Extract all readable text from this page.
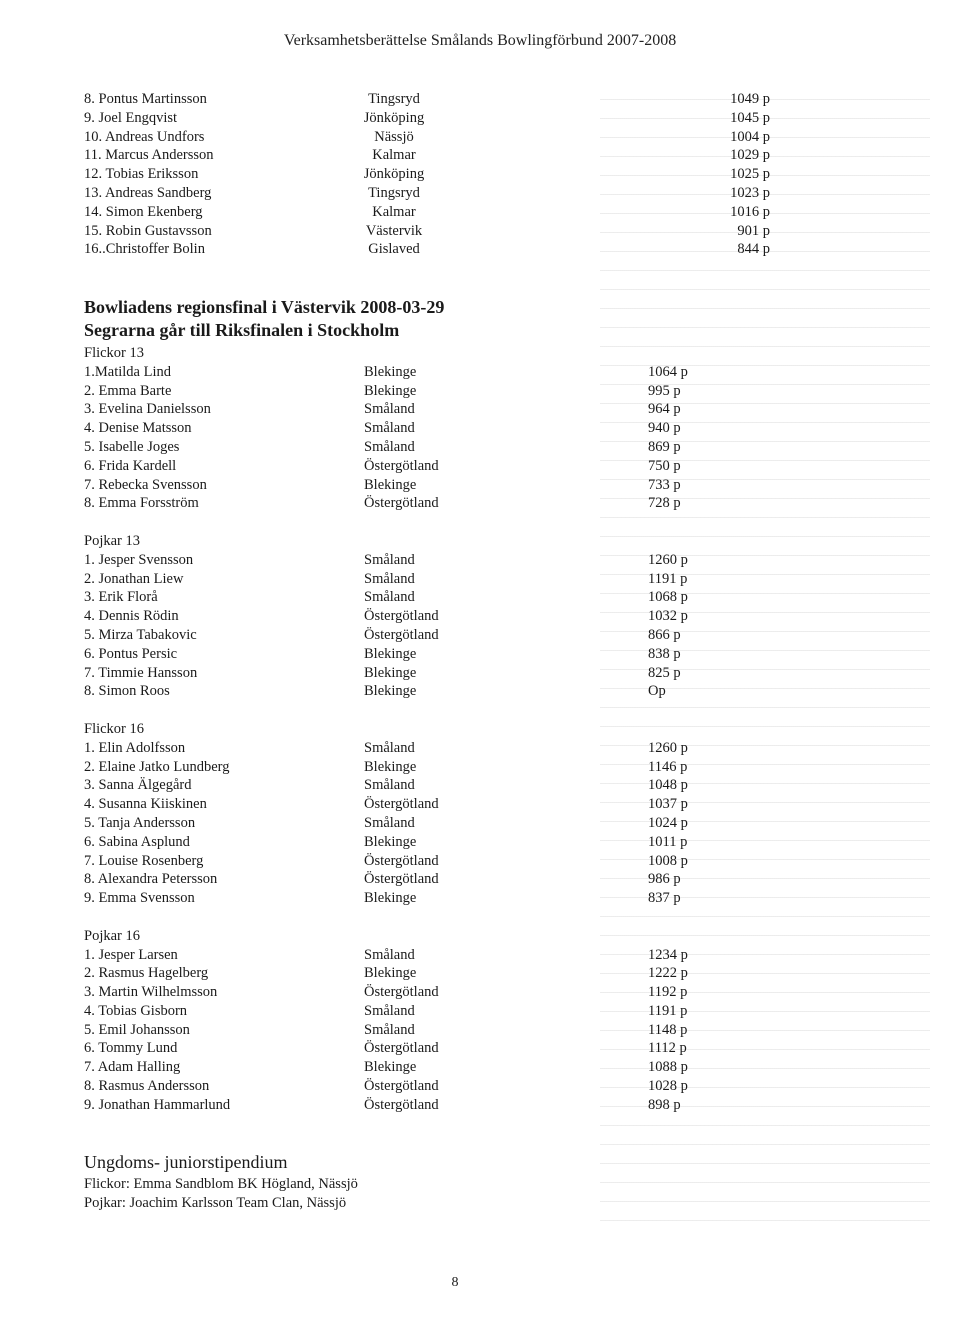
Verksamhetsberättelse Smålands Bowlingförbund 2007-2008
8. Pontus Martinsson	Tingsryd	1049 p
9. Joel Engqvist	Jönköping	1045 p
10. Andreas Undfors	Nässjö	1004 p
11. Marcus Andersson	Kalmar	1029 p
12. Tobias Eriksson	Jönköping	1025 p
13. Andreas Sandberg	Tingsryd	1023 p
14. Simon Ekenberg	Kalmar	1016 p
15. Robin Gustavsson	Västervik	901 p
16..Christoffer Bolin	Gislaved	844 p
Bowliadens regionsfinal i Västervik 2008-03-29
Segrarna går till Riksfinalen i Stockholm
Flickor 13
1.Matilda Lind	Blekinge	1064 p
2. Emma Barte	Blekinge	995 p
3. Evelina Danielsson	Småland	964 p
4. Denise Matsson	Småland	940 p
5. Isabelle Joges	Småland	869 p
6. Frida Kardell	Östergötland	750 p
7. Rebecka Svensson	Blekinge	733 p
8. Emma Forsström	Östergötland	728 p
Pojkar 13
1. Jesper Svensson	Småland	1260 p
2. Jonathan Liew	Småland	1191 p
3. Erik Florå	Småland	1068 p
4. Dennis Rödin	Östergötland	1032 p
5. Mirza Tabakovic	Östergötland	866 p
6. Pontus Persic	Blekinge	838 p
7. Timmie Hansson	Blekinge	825 p
8. Simon Roos	Blekinge	Op
Flickor 16
1. Elin Adolfsson	Småland	1260 p
2. Elaine Jatko Lundberg	Blekinge	1146 p
3. Sanna Älgegård	Småland	1048 p
4. Susanna Kiiskinen	Östergötland	1037 p
5. Tanja Andersson	Småland	1024 p
6. Sabina Asplund	Blekinge	1011 p
7. Louise Rosenberg	Östergötland	1008 p
8. Alexandra Petersson	Östergötland	986 p
9. Emma Svensson	Blekinge	837 p
Pojkar 16
1. Jesper Larsen	Småland	1234 p
2. Rasmus Hagelberg	Blekinge	1222 p
3. Martin Wilhelmsson	Östergötland	1192 p
4. Tobias Gisborn	Småland	1191 p
5. Emil Johansson	Småland	1148 p
6. Tommy Lund	Östergötland	1112 p
7. Adam Halling	Blekinge	1088 p
8. Rasmus Andersson	Östergötland	1028 p
9. Jonathan Hammarlund	Östergötland	898 p
Ungdoms- juniorstipendium
Flickor: Emma Sandblom BK Högland, Nässjö
Pojkar: Joachim Karlsson Team Clan, Nässjö
8
